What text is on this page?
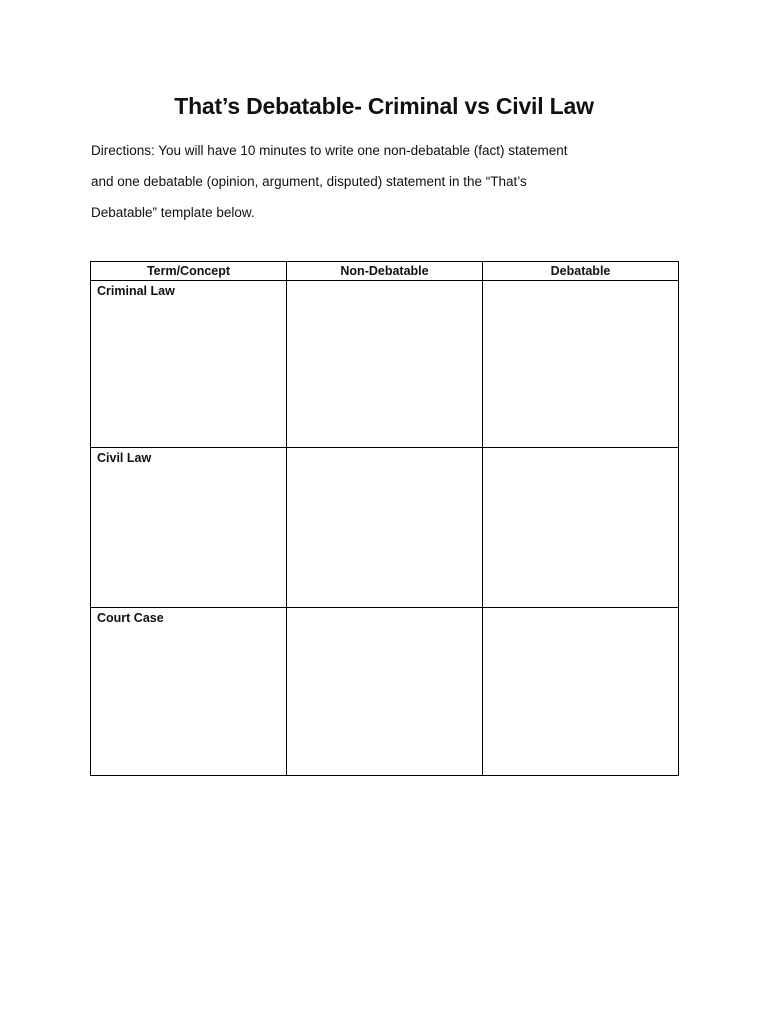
That’s Debatable- Criminal vs Civil Law

Directions: You will have 10 minutes to write one non-debatable (fact) statement
and one debatable (opinion, argument, disputed) statement in the “That’s
Debatable” template below.

Term/Concept	Non-Debatable	Debatable
Criminal Law		
Civil Law		
Court Case		
